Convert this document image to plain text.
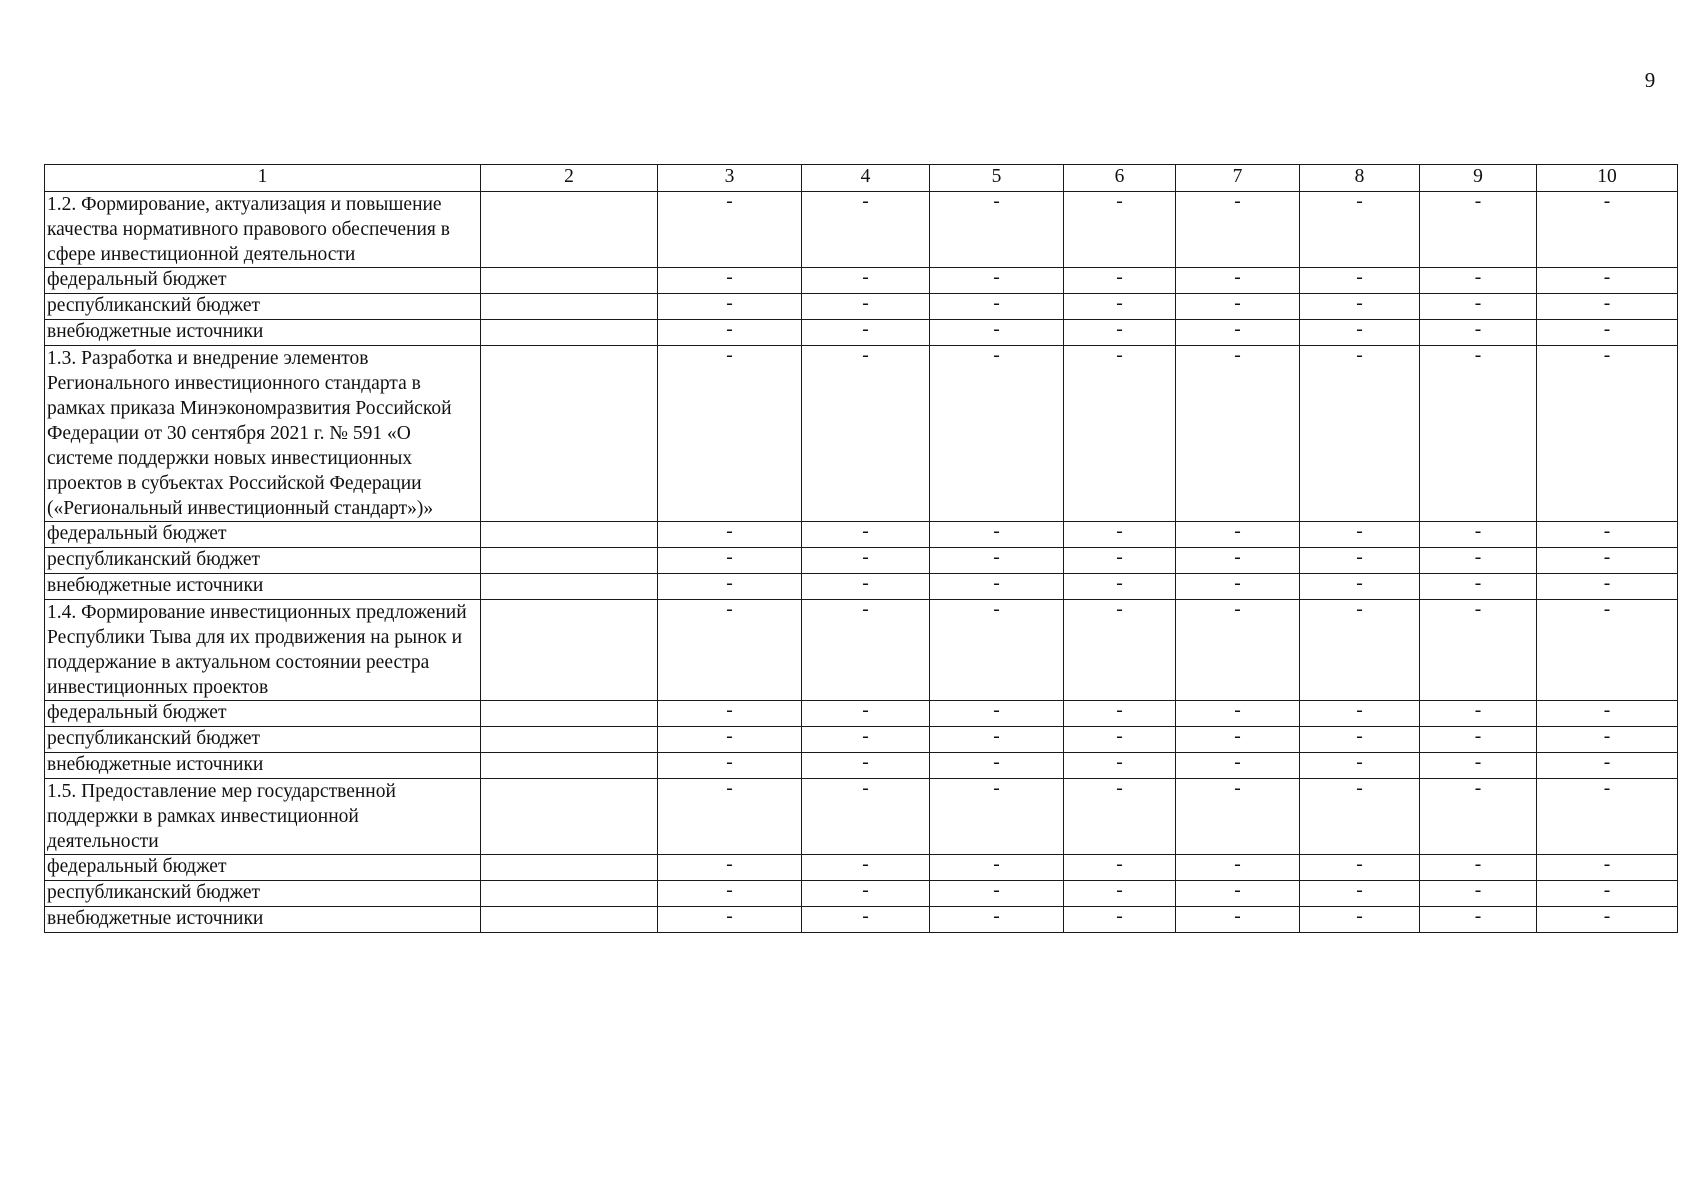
9
1	2	3	4	5	6	7	8	9	10
1.2. Формирование, актуализация и повышение качества нормативного правового обеспечения в сфере инвестиционной деятельности		-	-	-	-	-	-	-	-
федеральный бюджет		-	-	-	-	-	-	-	-
республиканский бюджет		-	-	-	-	-	-	-	-
внебюджетные источники		-	-	-	-	-	-	-	-
1.3. Разработка и внедрение элементов Регионального инвестиционного стандарта в рамках приказа Минэкономразвития Российской Федерации от 30 сентября 2021 г. № 591 «О системе поддержки новых инвестиционных проектов в субъектах Российской Федерации («Региональный инвестиционный стандарт»)»		-	-	-	-	-	-	-	-
федеральный бюджет		-	-	-	-	-	-	-	-
республиканский бюджет		-	-	-	-	-	-	-	-
внебюджетные источники		-	-	-	-	-	-	-	-
1.4. Формирование инвестиционных предложений Республики Тыва для их продвижения на рынок и поддержание в актуальном состоянии реестра инвестиционных проектов		-	-	-	-	-	-	-	-
федеральный бюджет		-	-	-	-	-	-	-	-
республиканский бюджет		-	-	-	-	-	-	-	-
внебюджетные источники		-	-	-	-	-	-	-	-
1.5. Предоставление мер государственной поддержки в рамках инвестиционной деятельности		-	-	-	-	-	-	-	-
федеральный бюджет		-	-	-	-	-	-	-	-
республиканский бюджет		-	-	-	-	-	-	-	-
внебюджетные источники		-	-	-	-	-	-	-	-
